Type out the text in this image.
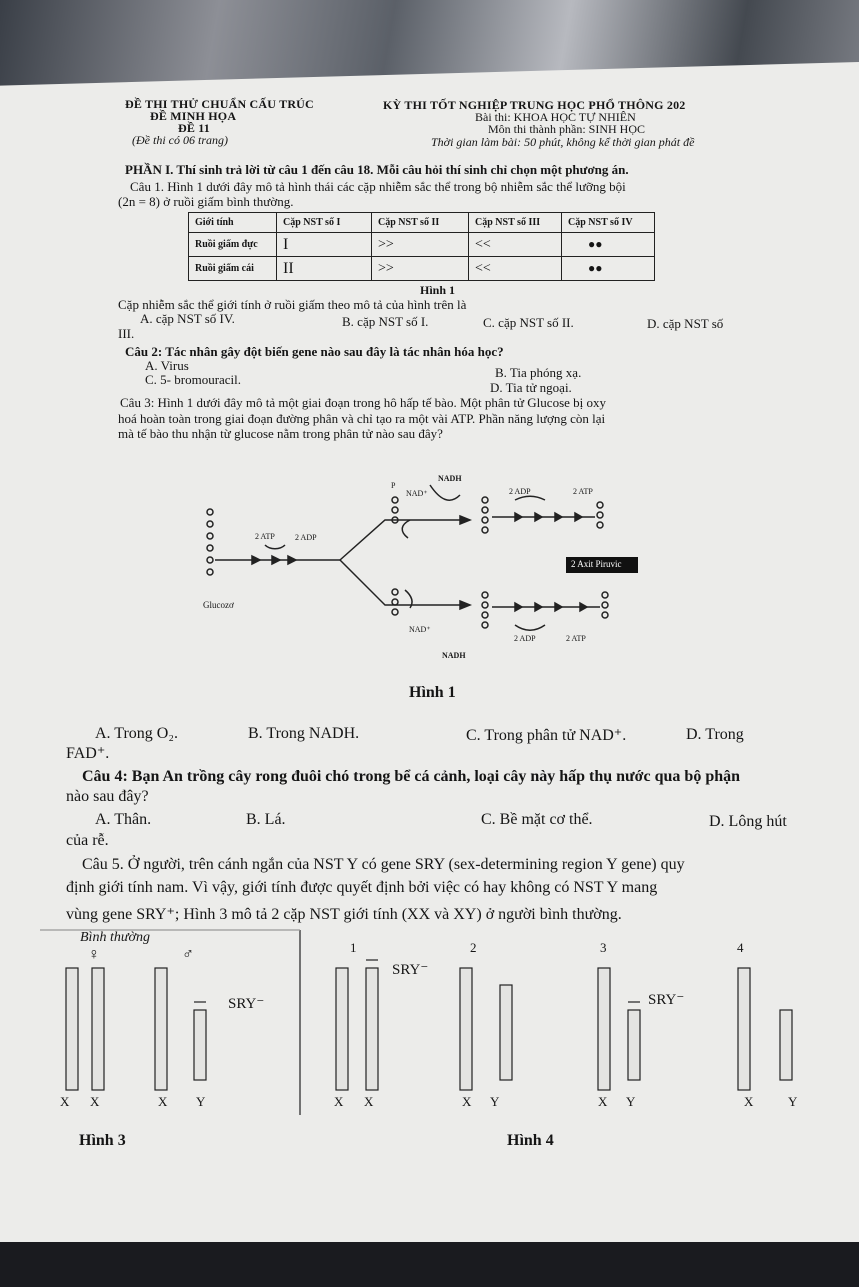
ĐỀ THI THỬ CHUẨN CẤU TRÚC
ĐỀ MINH HỌA
ĐỀ 11
(Đề thi có 06 trang)
KỲ THI TỐT NGHIỆP TRUNG HỌC PHỔ THÔNG 202
Bài thi: KHOA HỌC TỰ NHIÊN
Môn thi thành phần: SINH HỌC
Thời gian làm bài: 50 phút, không kể thời gian phát đề
PHẦN I. Thí sinh trả lời từ câu 1 đến câu 18. Mỗi câu hỏi thí sinh chỉ chọn một phương án.
Câu 1. Hình 1 dưới đây mô tả hình thái các cặp nhiễm sắc thể trong bộ nhiễm sắc thể lưỡng bội
(2n = 8) ở ruồi giấm bình thường.
Giới tính	Cặp NST số I	Cặp NST số II	Cặp NST số III	Cặp NST số IV
Ruồi giấm đực	I   	>>	<<	●●
Ruồi giấm cái	II	>>	<<	●●
Hình 1
Cặp nhiễm sắc thể giới tính ở ruồi giấm theo mô tả của hình trên là
A. cặp NST số IV.	B. cặp NST số I.	C. cặp NST số II.	D. cặp NST số
III.
Câu 2: Tác nhân gây đột biến gene nào sau đây là tác nhân hóa học?
A. Virus	B. Tia phóng xạ.
C. 5- bromouracil.
D. Tia tử ngoại.
Câu 3: Hình 1 dưới đây mô tả một giai đoạn trong hô hấp tế bào. Một phân tử Glucose bị oxy
hoá hoàn toàn trong giai đoạn đường phân và chỉ tạo ra một vài ATP. Phần năng lượng còn lại
mà tế bào thu nhận từ glucose nằm trong phân tử nào sau đây?
NADH
NAD⁺
P
2 ADP	2 ATP
2 ATP	2 ADP
Glucozơ
2 Axit Piruvic
NAD⁺
NADH
2 ADP	2 ATP
Hình 1
A. Trong O₂.	B. Trong NADH.	C. Trong phân tử NAD⁺.	D. Trong
FAD⁺.
Câu 4: Bạn An trồng cây rong đuôi chó trong bể cá cảnh, loại cây này hấp thụ nước qua bộ phận
nào sau đây?
A. Thân.	B. Lá.	C. Bề mặt cơ thể.	D. Lông hút
của rễ.
Câu 5. Ở người, trên cánh ngắn của NST Y có gene SRY (sex-determining region Y gene) quy
định giới tính nam. Vì vậy, giới tính được quyết định bởi việc có hay không có NST Y mang
vùng gene SRY⁺; Hình 3 mô tả 2 cặp NST giới tính (XX và XY) ở người bình thường.
Bình thường
♀	♂
SRY⁻
X X	X Y
Hình 3
1	2	3	4
SRY⁻
SRY⁻
X X	X Y	X Y	X	Y
Hình 4
